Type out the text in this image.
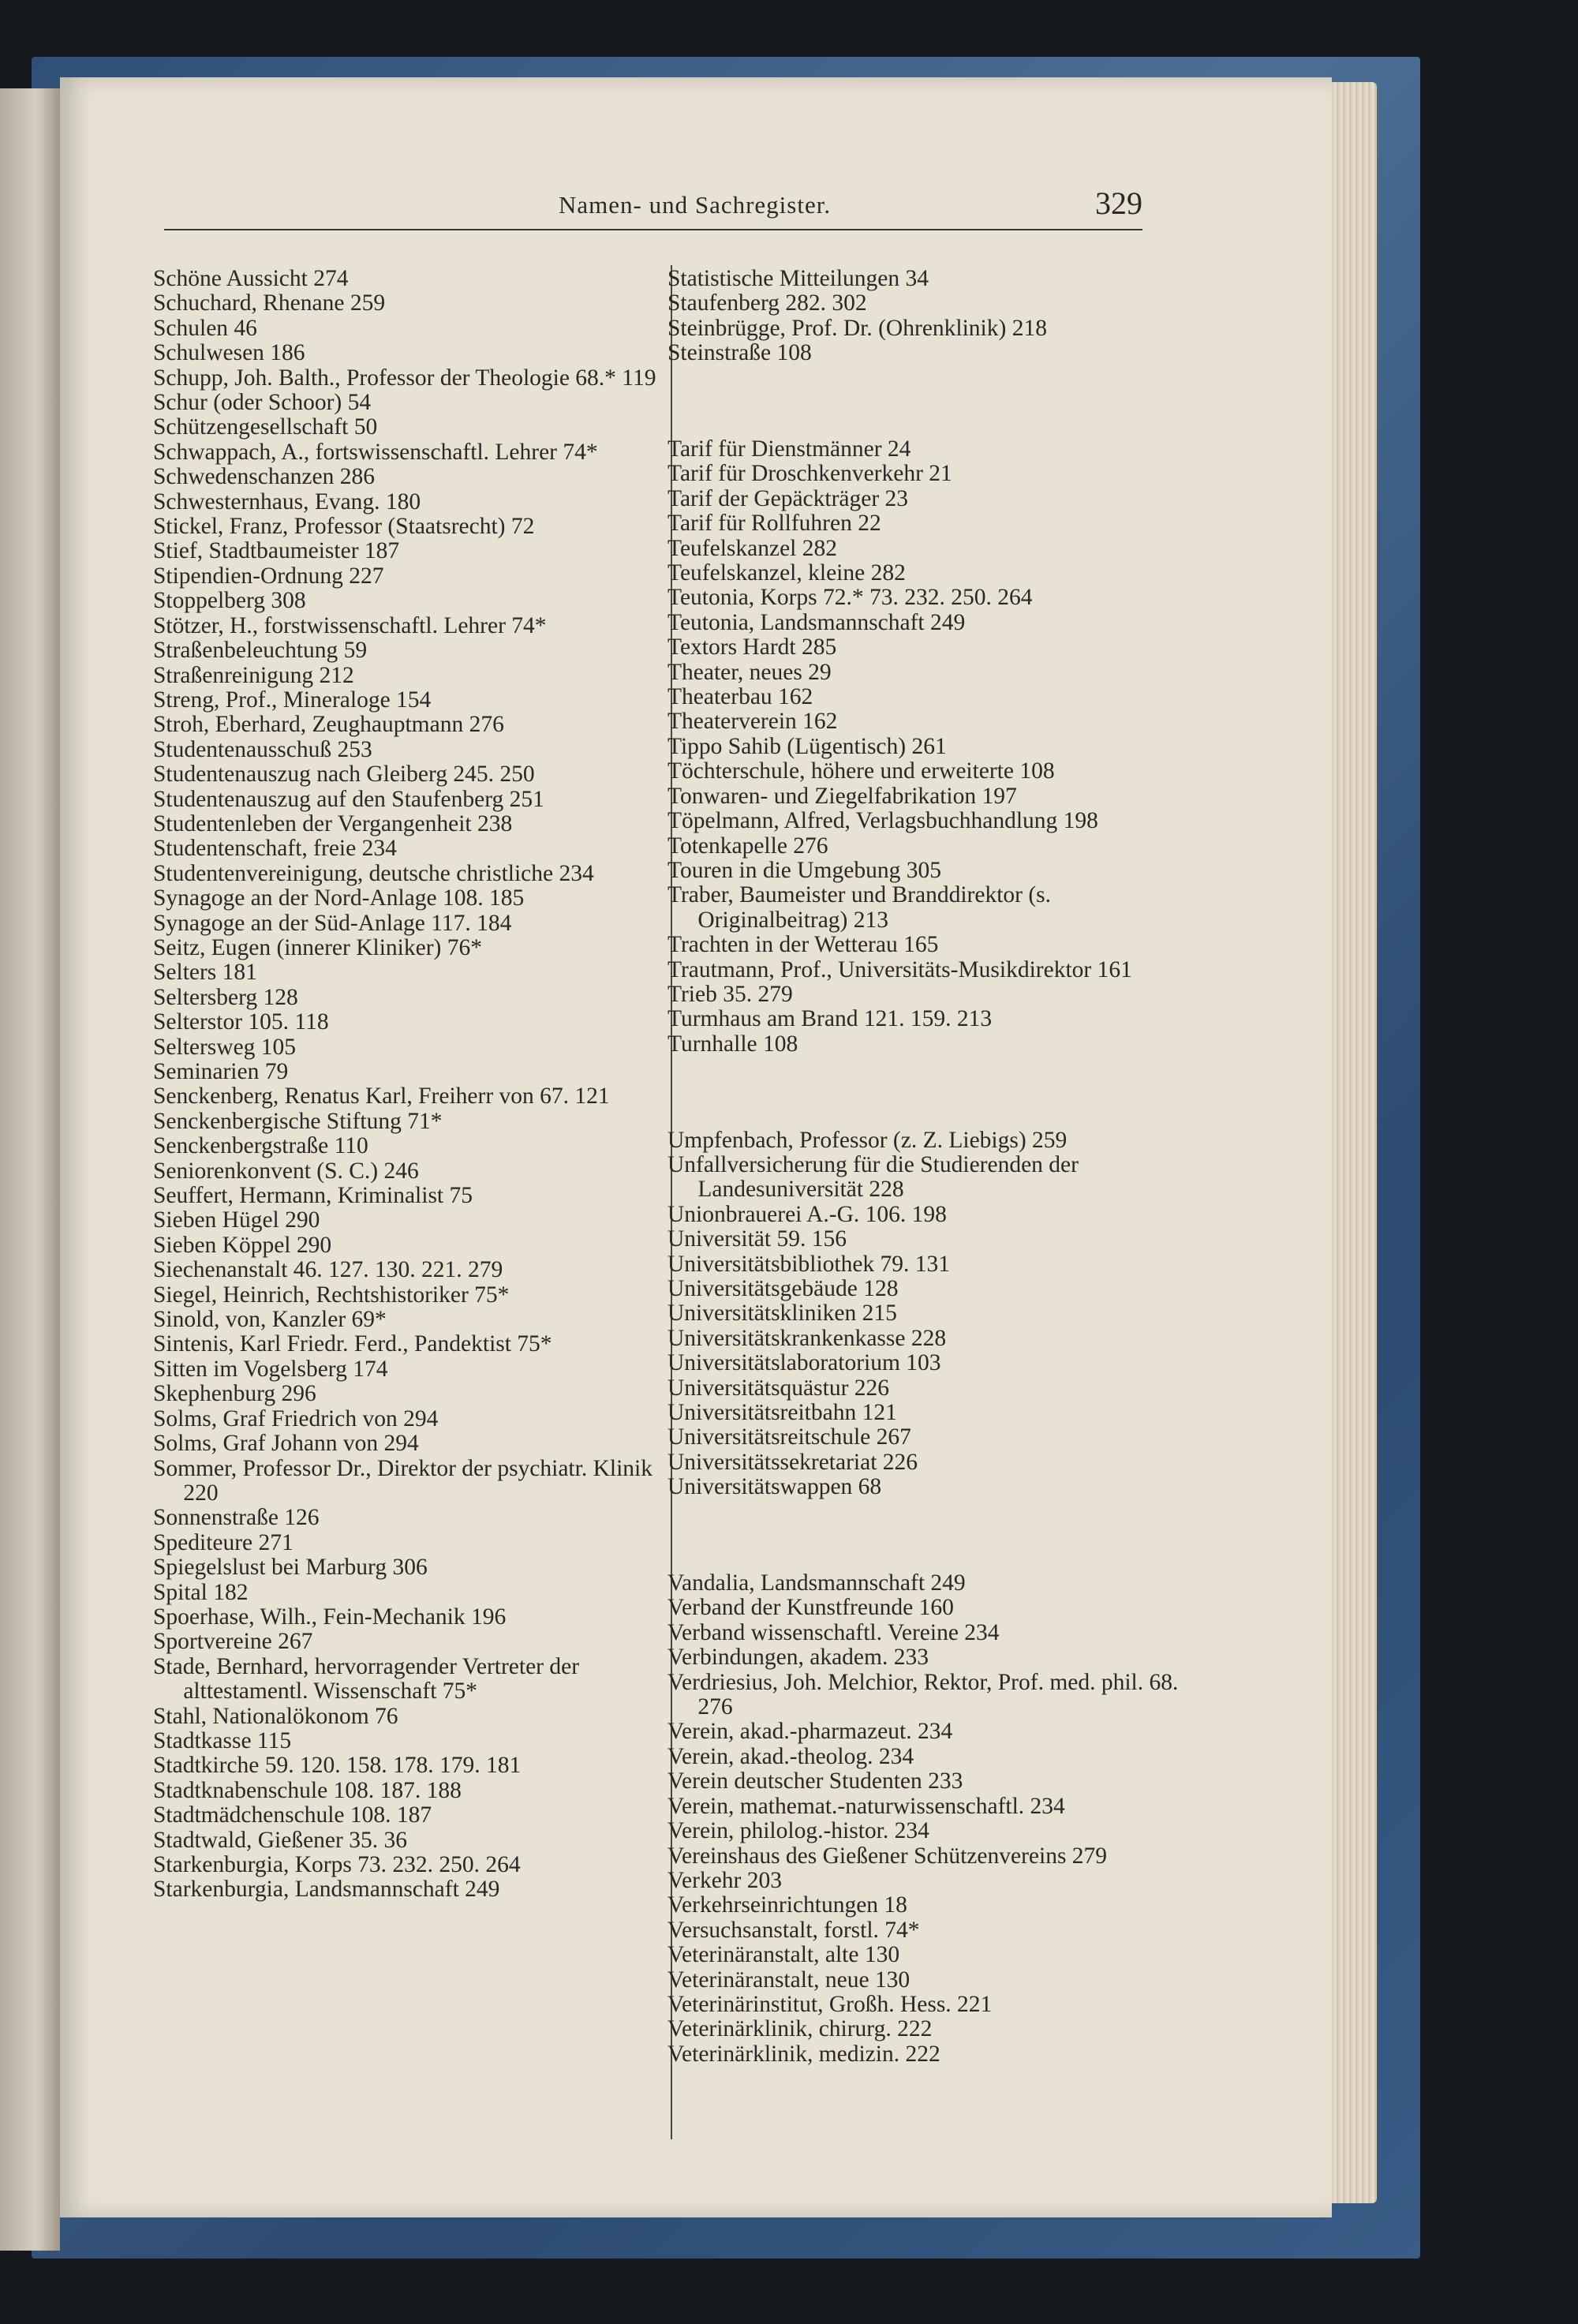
Namen- und Sachregister.	329

Schöne Aussicht 274

Schuchard, Rhenane 259

Schulen 46

Schulwesen 186

Schupp, Joh. Balth., Professor der Theologie 68.* 119

Schur (oder Schoor) 54

Schützengesellschaft 50

Schwappach, A., fortswissenschaftl. Lehrer 74*

Schwedenschanzen 286

Schwesternhaus, Evang. 180

Stickel, Franz, Professor (Staatsrecht) 72

Stief, Stadtbaumeister 187

Stipendien-Ordnung 227

Stoppelberg 308

Stötzer, H., forstwissenschaftl. Lehrer 74*

Straßenbeleuchtung 59

Straßenreinigung 212

Streng, Prof., Mineraloge 154

Stroh, Eberhard, Zeughauptmann 276

Studentenausschuß 253

Studentenauszug nach Gleiberg 245. 250

Studentenauszug auf den Staufenberg 251

Studentenleben der Vergangenheit 238

Studentenschaft, freie 234

Studentenvereinigung, deutsche christliche 234

Synagoge an der Nord-Anlage 108. 185

Synagoge an der Süd-Anlage 117. 184

Seitz, Eugen (innerer Kliniker) 76*

Selters 181

Seltersberg 128

Selterstor 105. 118

Seltersweg 105

Seminarien 79

Senckenberg, Renatus Karl, Freiherr von 67. 121

Senckenbergische Stiftung 71*

Senckenbergstraße 110

Seniorenkonvent (S. C.) 246

Seuffert, Hermann, Kriminalist 75

Sieben Hügel 290

Sieben Köppel 290

Siechenanstalt 46. 127. 130. 221. 279

Siegel, Heinrich, Rechtshistoriker 75*

Sinold, von, Kanzler 69*

Sintenis, Karl Friedr. Ferd., Pandektist 75*

Sitten im Vogelsberg 174

Skephenburg 296

Solms, Graf Friedrich von 294

Solms, Graf Johann von 294

Sommer, Professor Dr., Direktor der psychiatr. Klinik 220

Sonnenstraße 126

Spediteure 271

Spiegelslust bei Marburg 306

Spital 182

Spoerhase, Wilh., Fein-Mechanik 196

Sportvereine 267

Stade, Bernhard, hervorragender Vertreter der alttestamentl. Wissenschaft 75*

Stahl, Nationalökonom 76

Stadtkasse 115

Stadtkirche 59. 120. 158. 178. 179. 181

Stadtknabenschule 108. 187. 188

Stadtmädchenschule 108. 187

Stadtwald, Gießener 35. 36

Starkenburgia, Korps 73. 232. 250. 264

Starkenburgia, Landsmannschaft 249

Statistische Mitteilungen 34

Staufenberg 282. 302

Steinbrügge, Prof. Dr. (Ohrenklinik) 218

Steinstraße 108

Tarif für Dienstmänner 24

Tarif für Droschkenverkehr 21

Tarif der Gepäckträger 23

Tarif für Rollfuhren 22

Teufelskanzel 282

Teufelskanzel, kleine 282

Teutonia, Korps 72.* 73. 232. 250. 264

Teutonia, Landsmannschaft 249

Textors Hardt 285

Theater, neues 29

Theaterbau 162

Theaterverein 162

Tippo Sahib (Lügentisch) 261

Töchterschule, höhere und erweiterte 108

Tonwaren- und Ziegelfabrikation 197

Töpelmann, Alfred, Verlagsbuchhandlung 198

Totenkapelle 276

Touren in die Umgebung 305

Traber, Baumeister und Branddirektor (s. Originalbeitrag) 213

Trachten in der Wetterau 165

Trautmann, Prof., Universitäts-Musikdirektor 161

Trieb 35. 279

Turmhaus am Brand 121. 159. 213

Turnhalle 108

Umpfenbach, Professor (z. Z. Liebigs) 259

Unfallversicherung für die Studierenden der Landesuniversität 228

Unionbrauerei A.-G. 106. 198

Universität 59. 156

Universitätsbibliothek 79. 131

Universitätsgebäude 128

Universitätskliniken 215

Universitätskrankenkasse 228

Universitätslaboratorium 103

Universitätsquästur 226

Universitätsreitbahn 121

Universitätsreitschule 267

Universitätssekretariat 226

Universitätswappen 68

Vandalia, Landsmannschaft 249

Verband der Kunstfreunde 160

Verband wissenschaftl. Vereine 234

Verbindungen, akadem. 233

Verdriesius, Joh. Melchior, Rektor, Prof. med. phil. 68. 276

Verein, akad.-pharmazeut. 234

Verein, akad.-theolog. 234

Verein deutscher Studenten 233

Verein, mathemat.-naturwissenschaftl. 234

Verein, philolog.-histor. 234

Vereinshaus des Gießener Schützenvereins 279

Verkehr 203

Verkehrseinrichtungen 18

Versuchsanstalt, forstl. 74*

Veterinäranstalt, alte 130

Veterinäranstalt, neue 130

Veterinärinstitut, Großh. Hess. 221

Veterinärklinik, chirurg. 222

Veterinärklinik, medizin. 222
